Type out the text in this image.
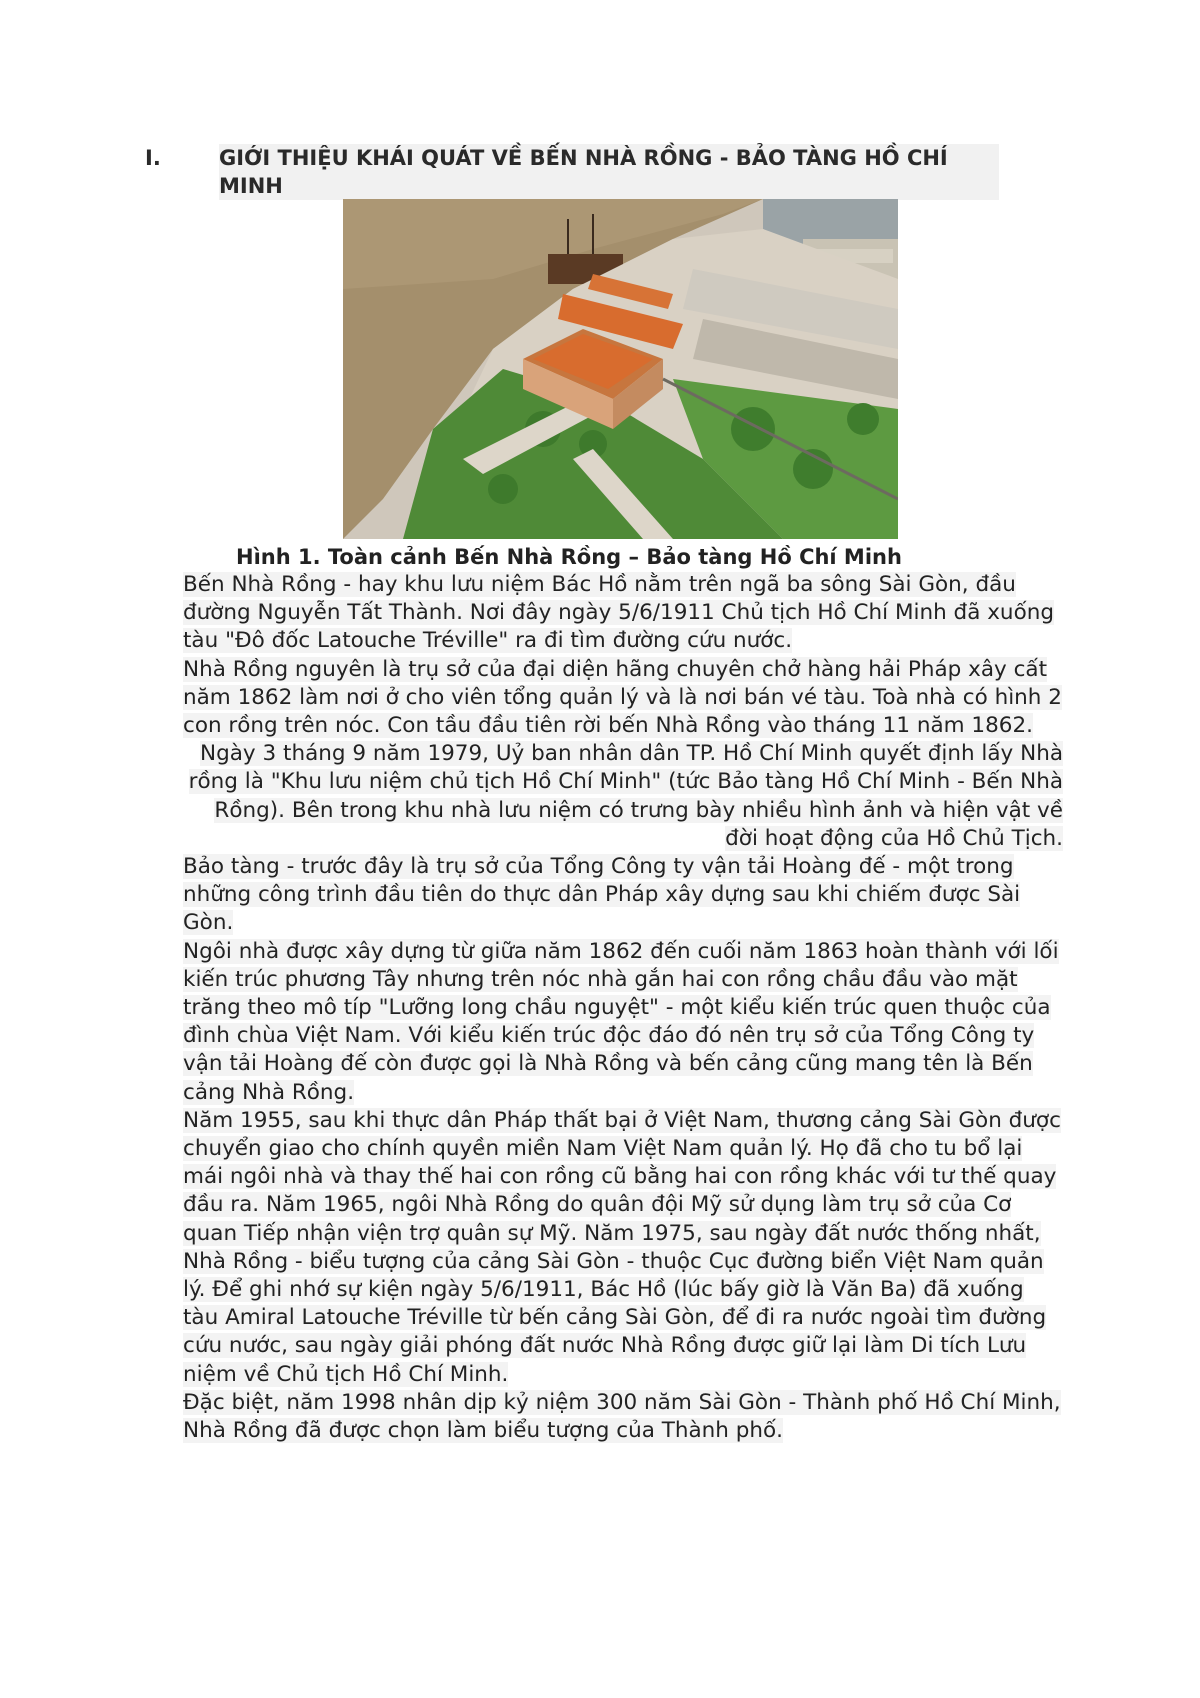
I.	GIỚI THIỆU KHÁI QUÁT VỀ BẾN NHÀ RỒNG - BẢO TÀNG HỒ CHÍ MINH
Hình 1. Toàn cảnh Bến Nhà Rồng – Bảo tàng Hồ Chí Minh

Bến Nhà Rồng - hay khu lưu niệm Bác Hồ nằm trên ngã ba sông Sài Gòn, đầu đường Nguyễn Tất Thành. Nơi đây ngày 5/6/1911 Chủ tịch Hồ Chí Minh đã xuống tàu "Đô đốc Latouche Tréville" ra đi tìm đường cứu nước.

Nhà Rồng nguyên là trụ sở của đại diện hãng chuyên chở hàng hải Pháp xây cất năm 1862 làm nơi ở cho viên tổng quản lý và là nơi bán vé tàu. Toà nhà có hình 2 con rồng trên nóc. Con tầu đầu tiên rời bến Nhà Rồng vào tháng 11 năm 1862.

Ngày 3 tháng 9 năm 1979, Uỷ ban nhân dân TP. Hồ Chí Minh quyết định lấy Nhà rồng là "Khu lưu niệm chủ tịch Hồ Chí Minh" (tức Bảo tàng Hồ Chí Minh - Bến Nhà Rồng). Bên trong khu nhà lưu niệm có trưng bày nhiều hình ảnh và hiện vật về đời hoạt động của Hồ Chủ Tịch.

Bảo tàng - trước đây là trụ sở của Tổng Công ty vận tải Hoàng đế - một trong những công trình đầu tiên do thực dân Pháp xây dựng sau khi chiếm được Sài Gòn.

Ngôi nhà được xây dựng từ giữa năm 1862 đến cuối năm 1863 hoàn thành với lối kiến trúc phương Tây nhưng trên nóc nhà gắn hai con rồng chầu đầu vào mặt trăng theo mô típ "Lưỡng long chầu nguyệt" - một kiểu kiến trúc quen thuộc của đình chùa Việt Nam. Với kiểu kiến trúc độc đáo đó nên trụ sở của Tổng Công ty vận tải Hoàng đế còn được gọi là Nhà Rồng và bến cảng cũng mang tên là Bến cảng Nhà Rồng.

Năm 1955, sau khi thực dân Pháp thất bại ở Việt Nam, thương cảng Sài Gòn được chuyển giao cho chính quyền miền Nam Việt Nam quản lý. Họ đã cho tu bổ lại mái ngôi nhà và thay thế hai con rồng cũ bằng hai con rồng khác với tư thế quay đầu ra. Năm 1965, ngôi Nhà Rồng do quân đội Mỹ sử dụng làm trụ sở của Cơ quan Tiếp nhận viện trợ quân sự Mỹ. Năm 1975, sau ngày đất nước thống nhất, Nhà Rồng - biểu tượng của cảng Sài Gòn - thuộc Cục đường biển Việt Nam quản lý. Để ghi nhớ sự kiện ngày 5/6/1911, Bác Hồ (lúc bấy giờ là Văn Ba) đã xuống tàu Amiral Latouche Tréville từ bến cảng Sài Gòn, để đi ra nước ngoài tìm đường cứu nước, sau ngày giải phóng đất nước Nhà Rồng được giữ lại làm Di tích Lưu niệm về Chủ tịch Hồ Chí Minh.

Đặc biệt, năm 1998 nhân dịp kỷ niệm 300 năm Sài Gòn - Thành phố Hồ Chí Minh, Nhà Rồng đã được chọn làm biểu tượng của Thành phố.
